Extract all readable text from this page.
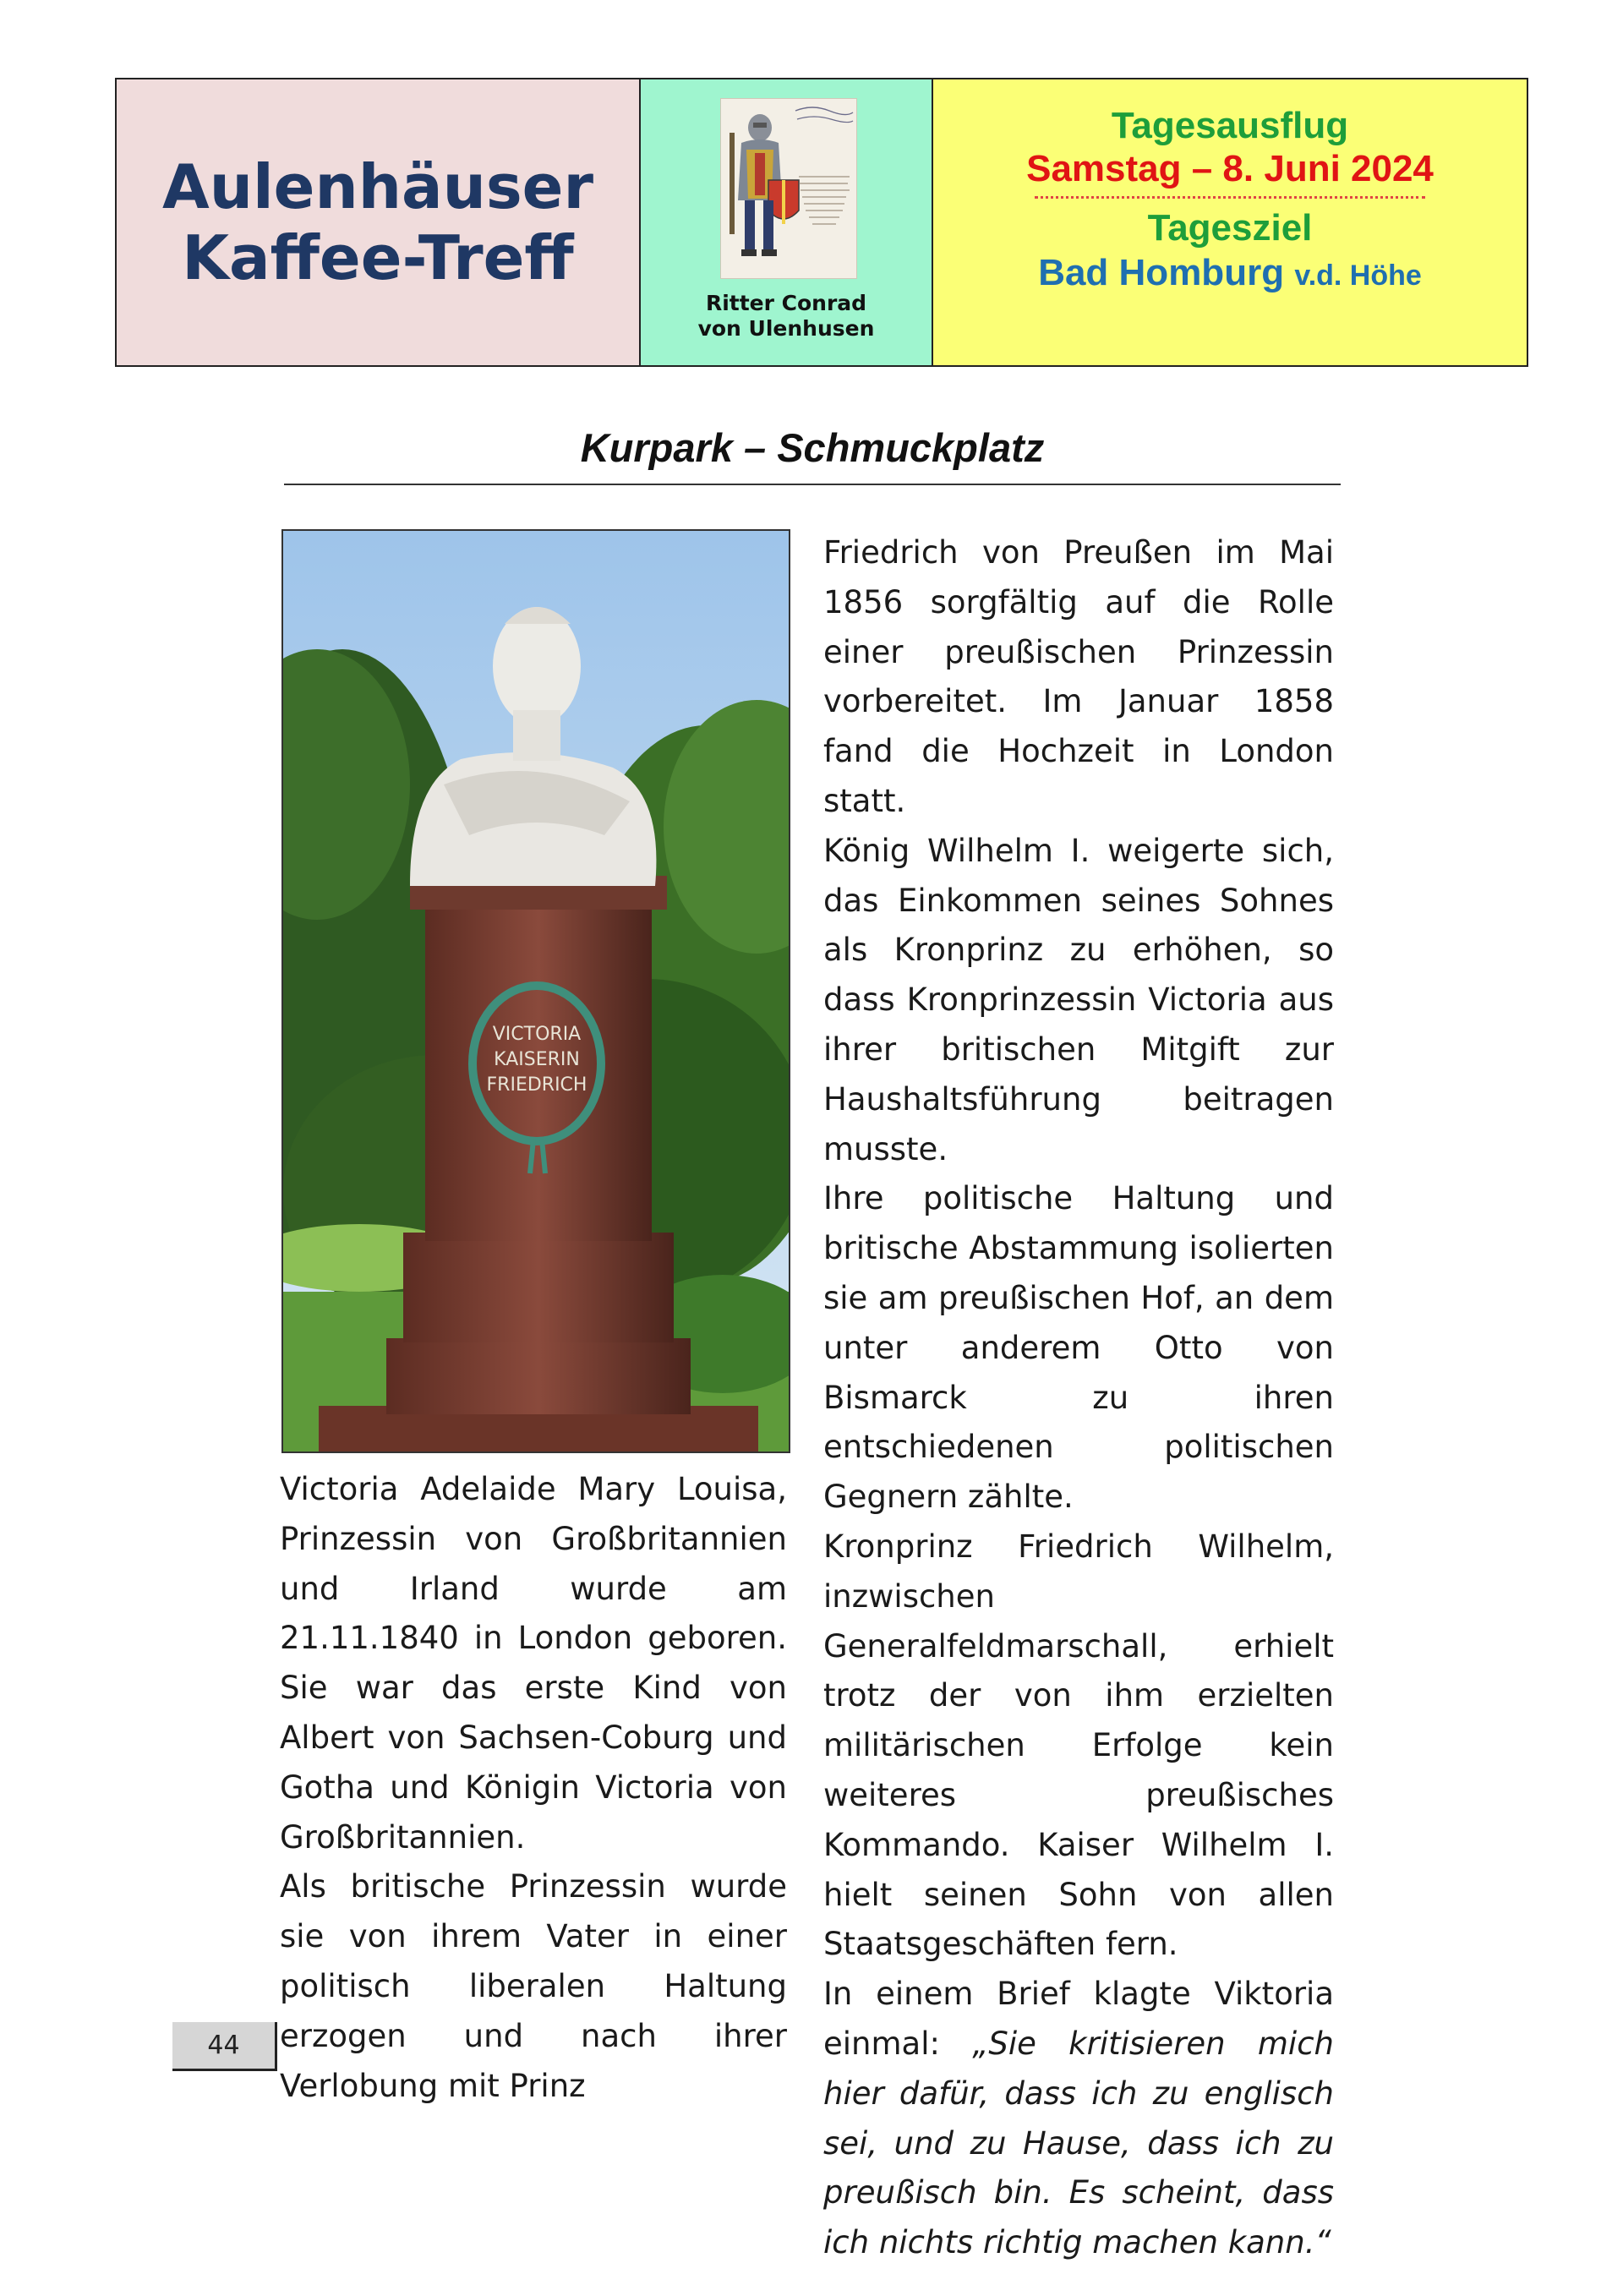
Aulenhäuser
Kaffee-Treff
Ritter Conrad
von Ulenhusen
Tagesausflug
Samstag – 8. Juni 2024
Tagesziel
Bad Homburg v.d. Höhe
Kurpark – Schmuckplatz
VICTORIA
KAISERIN
FRIEDRICH

Victoria Adelaide Mary Louisa, Prinzessin von Großbritannien und Irland wurde am 21.11.1840 in London geboren. Sie war das erste Kind von Albert von Sachsen-Coburg und Gotha und Königin Victoria von Großbritannien.

Als britische Prinzessin wurde sie von ihrem Vater in einer politisch liberalen Haltung erzogen und nach ihrer Verlobung mit Prinz

Friedrich von Preußen im Mai 1856 sorgfältig auf die Rolle einer preußischen Prinzessin vorbereitet. Im Januar 1858 fand die Hochzeit in London statt.

König Wilhelm I. weigerte sich, das Einkommen seines Sohnes als Kronprinz zu erhöhen, so dass Kronprinzessin Victoria aus ihrer britischen Mitgift zur Haushaltsführung beitragen musste.

Ihre politische Haltung und britische Abstammung isolierten sie am preußischen Hof, an dem unter anderem Otto von Bismarck zu ihren entschiedenen politischen Gegnern zählte.

Kronprinz Friedrich Wilhelm, inzwischen Generalfeldmarschall, erhielt trotz der von ihm erzielten militärischen Erfolge kein weiteres preußisches Kommando. Kaiser Wilhelm I. hielt seinen Sohn von allen Staatsgeschäften fern.

In einem Brief klagte Viktoria einmal: „Sie kritisieren mich hier dafür, dass ich zu englisch sei, und zu Hause, dass ich zu preußisch bin. Es scheint, dass ich nichts richtig machen kann.“

44
